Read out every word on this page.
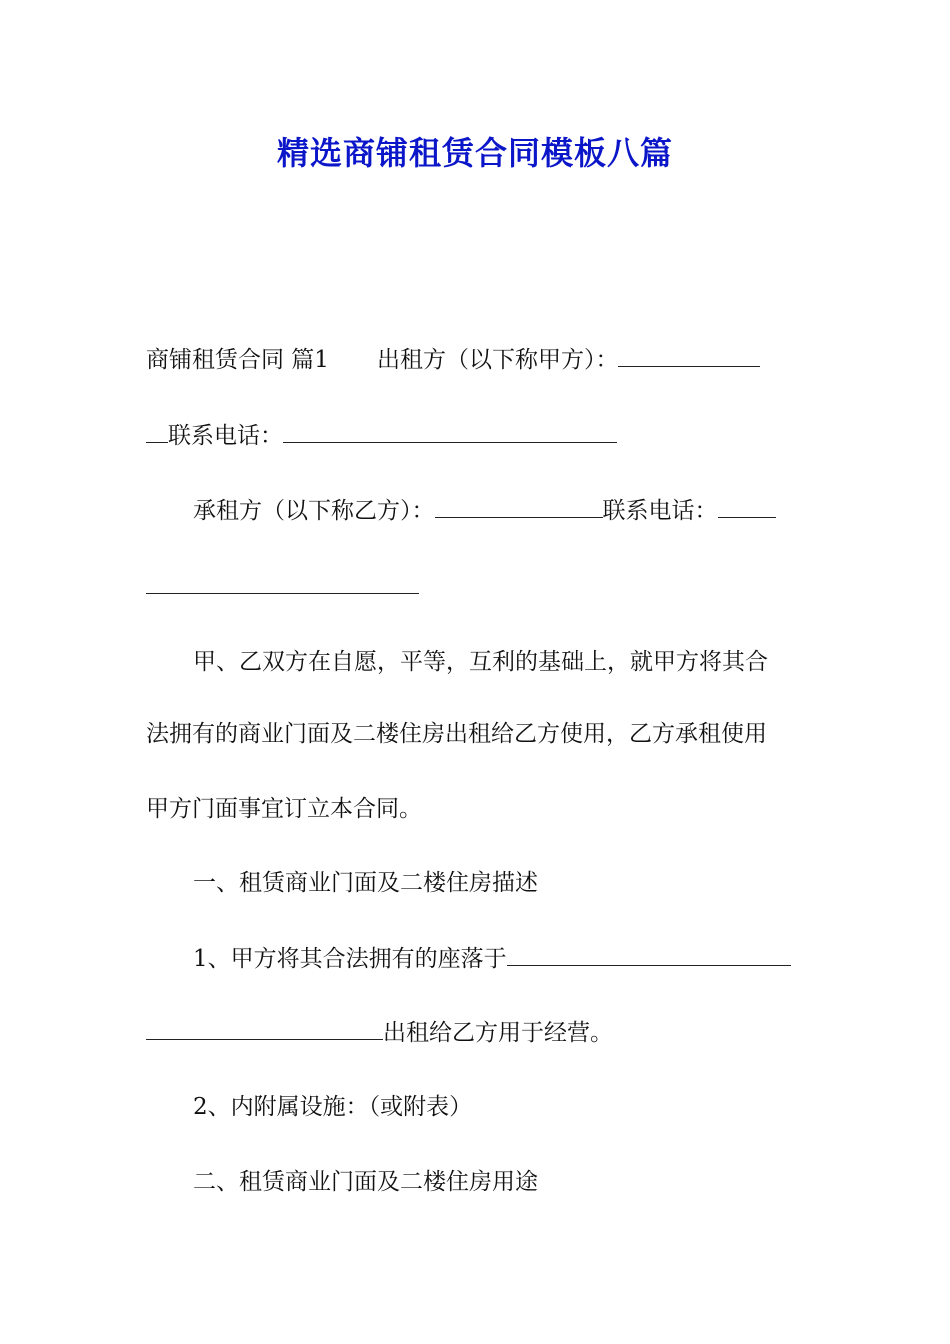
精选商铺租赁合同模板八篇
商铺租赁合同 篇1 出租方（以下称甲方）：
联系电话：
承租方（以下称乙方）：	联系电话：
甲、乙双方在自愿，平等，互利的基础上，就甲方将其合
法拥有的商业门面及二楼住房出租给乙方使用，乙方承租使用
甲方门面事宜订立本合同。
一、租赁商业门面及二楼住房描述
1、甲方将其合法拥有的座落于
出租给乙方用于经营。
2、内附属设施：（或附表）
二、租赁商业门面及二楼住房用途
